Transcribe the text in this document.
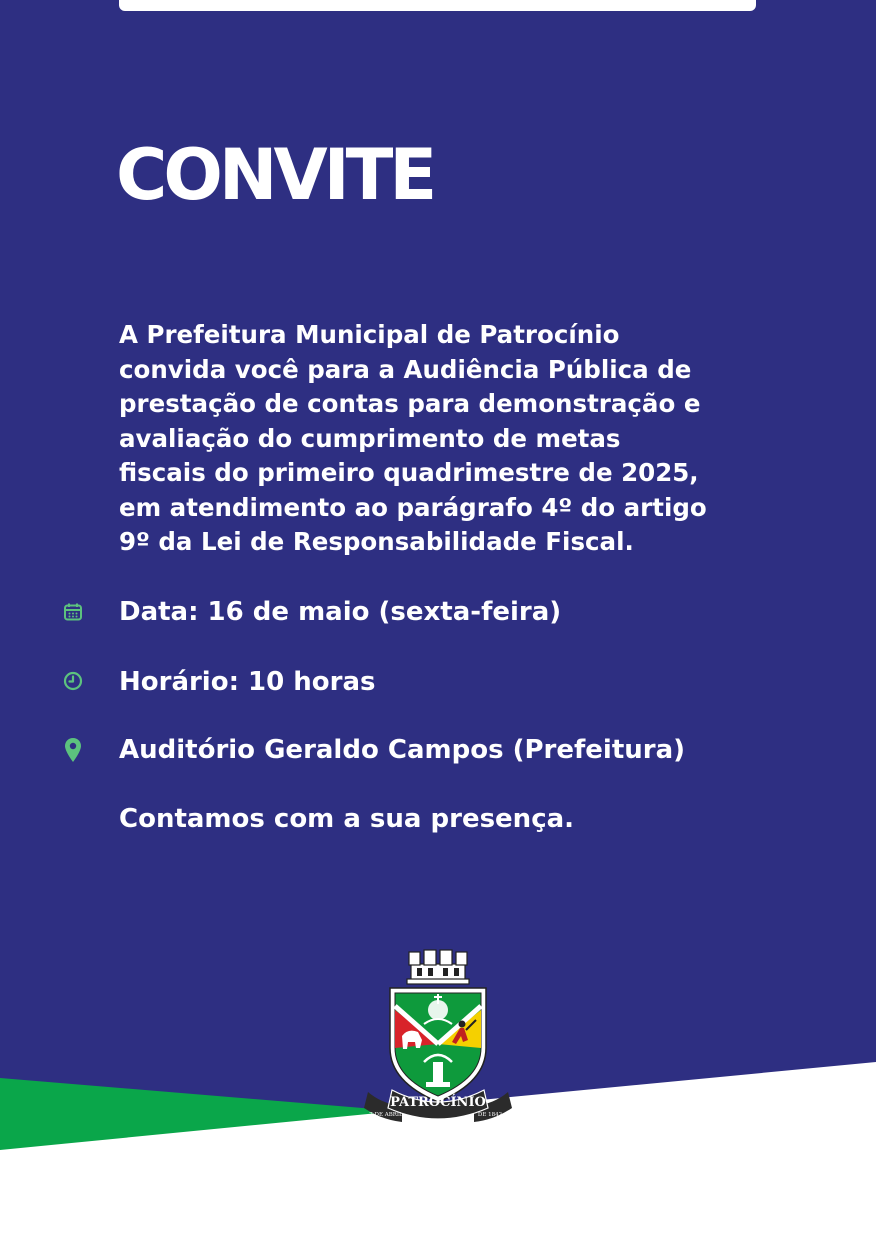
CONVITE
A Prefeitura Municipal de Patrocínio
convida você para a Audiência Pública de
prestação de contas para demonstração e
avaliação do cumprimento de metas
fiscais do primeiro quadrimestre de 2025,
em atendimento ao parágrafo 4º do artigo
9º da Lei de Responsabilidade Fiscal.
Data: 16 de maio (sexta-feira)
Horário: 10 horas
Auditório Geraldo Campos (Prefeitura)
Contamos com a sua presença.
PATROCÍNIO
7 DE ABRIL	DE 1842
